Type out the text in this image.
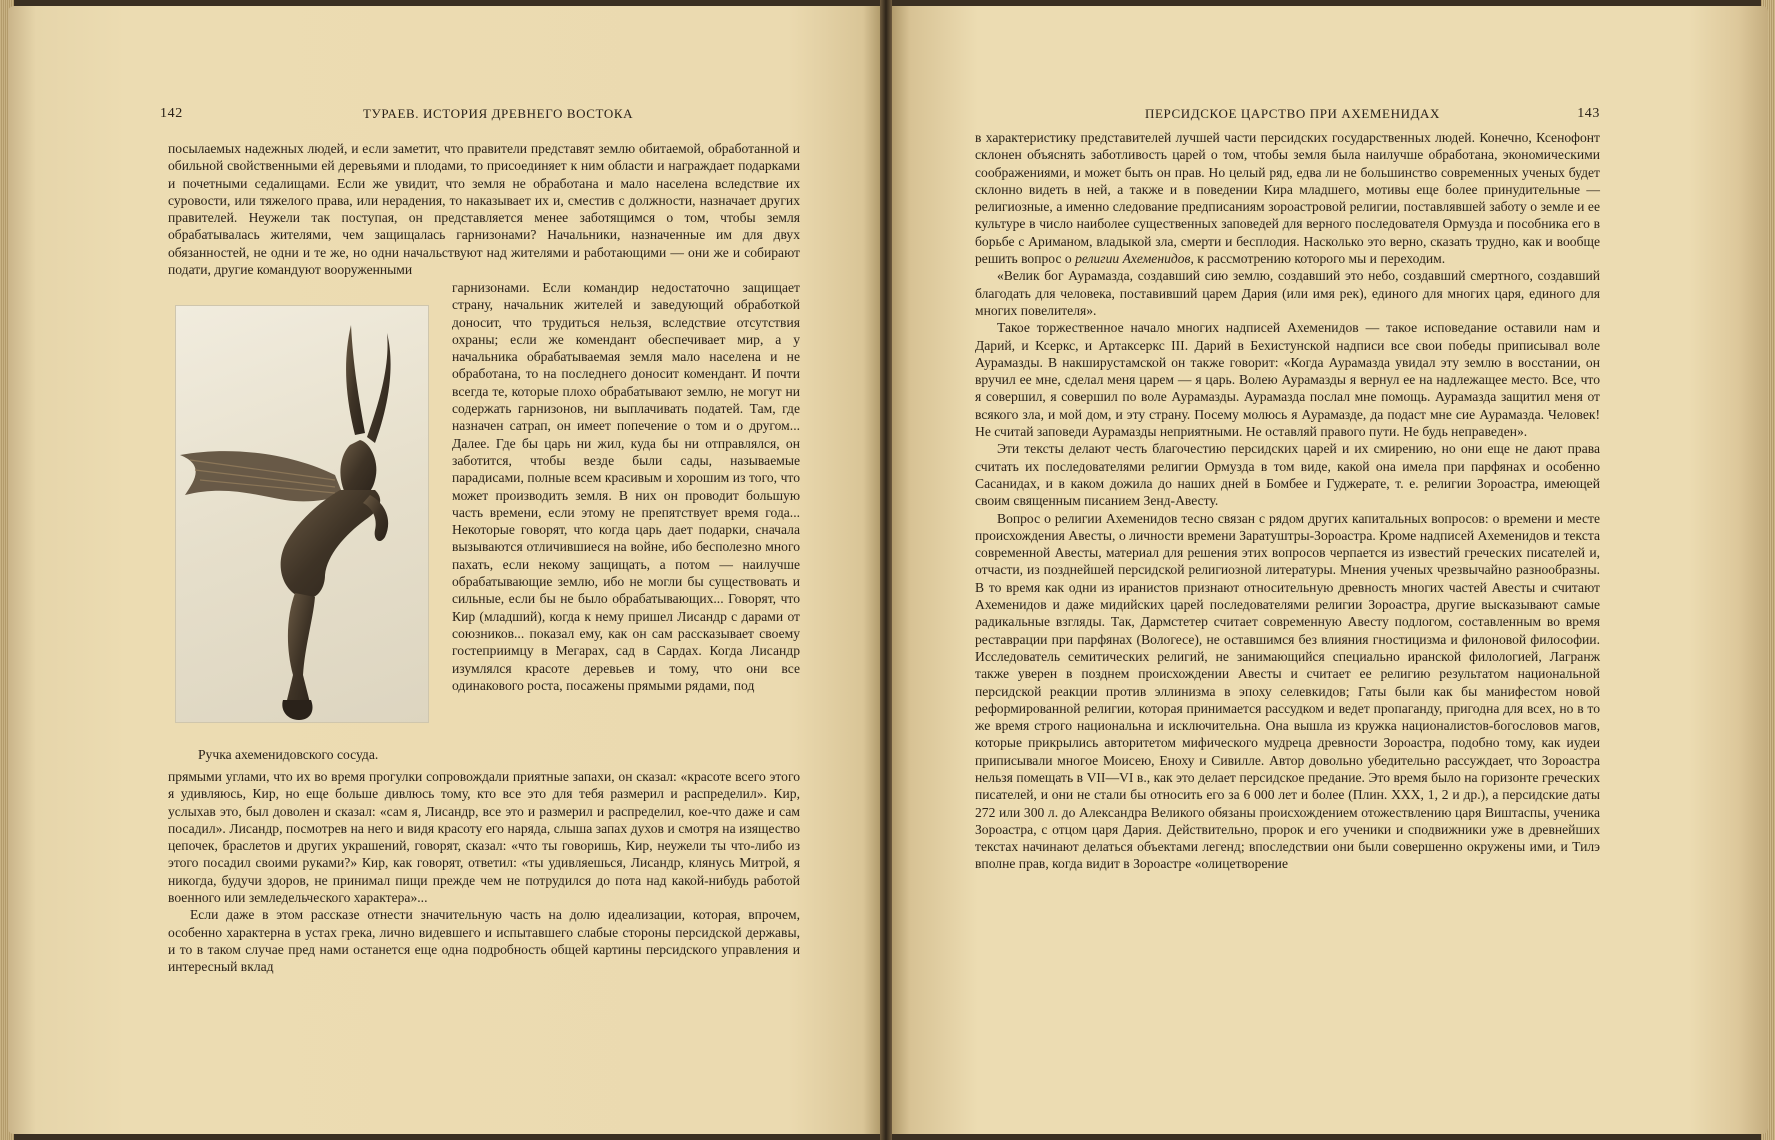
142	ТУРАЕВ. ИСТОРИЯ ДРЕВНЕГО ВОСТОКА

посылаемых надежных людей, и если заметит, что правители представят землю обитаемой, обработанной и обильной свойственными ей деревьями и плодами, то присоединяет к ним области и награждает подарками и почетными седалищами. Если же увидит, что земля не обработана и мало населена вследствие их суровости, или тяжелого права, или нерадения, то наказывает их и, сместив с должности, назначает других правителей. Неужели так поступая, он представляется менее заботящимся о том, чтобы земля обрабатывалась жителями, чем защищалась гарнизонами? Начальники, назначенные им для двух обязанностей, не одни и те же, но одни начальствуют над жителями и работающими — они же и собирают подати, другие командуют вооруженными

Ручка ахеменидовского сосуда.

гарнизонами. Если командир недостаточно защищает страну, начальник жителей и заведующий обработкой доносит, что трудиться нельзя, вследствие отсутствия охраны; если же комендант обеспечивает мир, а у начальника обрабатываемая земля мало населена и не обработана, то на последнего доносит комендант. И почти всегда те, которые плохо обрабатывают землю, не могут ни содержать гарнизонов, ни выплачивать податей. Там, где назначен сатрап, он имеет попечение о том и о другом... Далее. Где бы царь ни жил, куда бы ни отправлялся, он заботится, чтобы везде были сады, называемые парадисами, полные всем красивым и хорошим из того, что может производить земля. В них он проводит большую часть времени, если этому не препятствует время года... Некоторые говорят, что когда царь дает подарки, сначала вызываются отличившиеся на войне, ибо бесполезно много пахать, если некому защищать, а потом — наилучше обрабатывающие землю, ибо не могли бы существовать и сильные, если бы не было обрабатывающих... Говорят, что Кир (младший), когда к нему пришел Лисандр с дарами от союзников... показал ему, как он сам рассказывает своему гостеприимцу в Мегарах, сад в Сардах. Когда Лисандр изумлялся красоте деревьев и тому, что они все одинакового роста, посажены прямыми рядами, под

прямыми углами, что их во время прогулки сопровождали приятные запахи, он сказал: «красоте всего этого я удивляюсь, Кир, но еще больше дивлюсь тому, кто все это для тебя размерил и распределил». Кир, услыхав это, был доволен и сказал: «сам я, Лисандр, все это и размерил и распределил, кое-что даже и сам посадил». Лисандр, посмотрев на него и видя красоту его наряда, слыша запах духов и смотря на изящество цепочек, браслетов и других украшений, говорят, сказал: «что ты говоришь, Кир, неужели ты что-либо из этого посадил своими руками?» Кир, как говорят, ответил: «ты удивляешься, Лисандр, клянусь Митрой, я никогда, будучи здоров, не принимал пищи прежде чем не потрудился до пота над какой-нибудь работой военного или земледельческого характера»...

Если даже в этом рассказе отнести значительную часть на долю идеализации, которая, впрочем, особенно характерна в устах грека, лично видевшего и испытавшего слабые стороны персидской державы, и то в таком случае пред нами останется еще одна подробность общей картины персидского управления и интересный вклад

ПЕРСИДСКОЕ ЦАРСТВО ПРИ АХЕМЕНИДАХ	143

в характеристику представителей лучшей части персидских государственных людей. Конечно, Ксенофонт склонен объяснять заботливость царей о том, чтобы земля была наилучше обработана, экономическими соображениями, и может быть он прав. Но целый ряд, едва ли не большинство современных ученых будет склонно видеть в ней, а также и в поведении Кира младшего, мотивы еще более принудительные — религиозные, а именно следование предписаниям зороастровой религии, поставлявшей заботу о земле и ее культуре в число наиболее существенных заповедей для верного последователя Ормузда и пособника его в борьбе с Ариманом, владыкой зла, смерти и бесплодия. Насколько это верно, сказать трудно, как и вообще решить вопрос о религии Ахеменидов, к рассмотрению которого мы и переходим.

«Велик бог Аурамазда, создавший сию землю, создавший это небо, создавший смертного, создавший благодать для человека, поставивший царем Дария (или имя рек), единого для многих царя, единого для многих повелителя».

Такое торжественное начало многих надписей Ахеменидов — такое исповедание оставили нам и Дарий, и Ксеркс, и Артаксеркс III. Дарий в Бехистунской надписи все свои победы приписывал воле Аурамазды. В накширустамской он также говорит: «Когда Аурамазда увидал эту землю в восстании, он вручил ее мне, сделал меня царем — я царь. Волею Аурамазды я вернул ее на надлежащее место. Все, что я совершил, я совершил по воле Аурамазды. Аурамазда послал мне помощь. Аурамазда защитил меня от всякого зла, и мой дом, и эту страну. Посему молюсь я Аурамазде, да подаст мне сие Аурамазда. Человек! Не считай заповеди Аурамазды неприятными. Не оставляй правого пути. Не будь неправеден».

Эти тексты делают честь благочестию персидских царей и их смирению, но они еще не дают права считать их последователями религии Ормузда в том виде, какой она имела при парфянах и особенно Сасанидах, и в каком дожила до наших дней в Бомбее и Гуджерате, т. е. религии Зороастра, имеющей своим священным писанием Зенд-Авесту.

Вопрос о религии Ахеменидов тесно связан с рядом других капитальных вопросов: о времени и месте происхождения Авесты, о личности времени Заратуштры-Зороастра. Кроме надписей Ахеменидов и текста современной Авесты, материал для решения этих вопросов черпается из известий греческих писателей и, отчасти, из позднейшей персидской религиозной литературы. Мнения ученых чрезвычайно разнообразны. В то время как одни из иранистов признают относительную древность многих частей Авесты и считают Ахеменидов и даже мидийских царей последователями религии Зороастра, другие высказывают самые радикальные взгляды. Так, Дармстетер считает современную Авесту подлогом, составленным во время реставрации при парфянах (Вологесе), не оставшимся без влияния гностицизма и филоновой философии. Исследователь семитических религий, не занимающийся специально иранской филологией, Лагранж также уверен в позднем происхождении Авесты и считает ее религию результатом национальной персидской реакции против эллинизма в эпоху селевкидов; Гаты были как бы манифестом новой реформированной религии, которая принимается рассудком и ведет пропаганду, пригодна для всех, но в то же время строго национальна и исключительна. Она вышла из кружка националистов-богословов магов, которые прикрылись авторитетом мифического мудреца древности Зороастра, подобно тому, как иудеи приписывали многое Моисею, Еноху и Сивилле. Автор довольно убедительно рассуждает, что Зороастра нельзя помещать в VII—VI в., как это делает персидское предание. Это время было на горизонте греческих писателей, и они не стали бы относить его за 6 000 лет и более (Плин. XXX, 1, 2 и др.), а персидские даты 272 или 300 л. до Александра Великого обязаны происхождением отожествлению царя Виштаспы, ученика Зороастра, с отцом царя Дария. Действительно, пророк и его ученики и сподвижники уже в древнейших текстах начинают делаться объектами легенд; впоследствии они были совершенно окружены ими, и Тилэ вполне прав, когда видит в Зороастре «олицетворение
